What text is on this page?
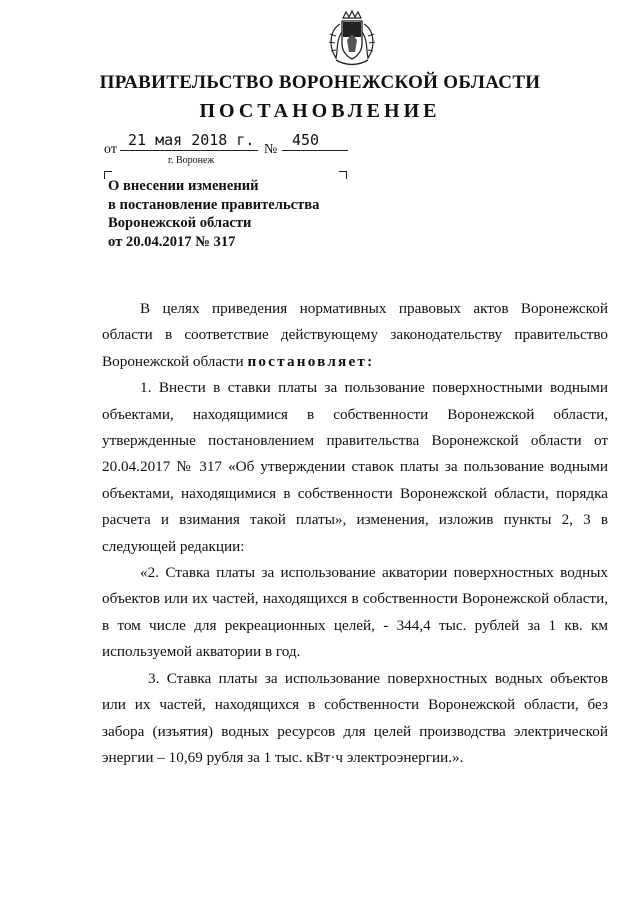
ПРАВИТЕЛЬСТВО ВОРОНЕЖСКОЙ ОБЛАСТИ
ПОСТАНОВЛЕНИЕ
от
21 мая 2018 г.
№
450
г. Воронеж
О внесении изменений
в постановление правительства
Воронежской области
от 20.04.2017 № 317

В целях приведения нормативных правовых актов Воронежской области в соответствие действующему законодательству правительство Воронежской области постановляет:

1. Внести в ставки платы за пользование поверхностными водными объектами, находящимися в собственности Воронежской области, утвержденные постановлением правительства Воронежской области от 20.04.2017 № 317 «Об утверждении ставок платы за пользование водными объектами, находящимися в собственности Воронежской области, порядка расчета и взимания такой платы», изменения, изложив пункты 2, 3 в следующей редакции:

«2. Ставка платы за использование акватории поверхностных водных объектов или их частей, находящихся в собственности Воронежской области, в том числе для рекреационных целей, - 344,4 тыс. рублей за 1 кв. км используемой акватории в год.

3. Ставка платы за использование поверхностных водных объектов или их частей, находящихся в собственности Воронежской области, без забора (изъятия) водных ресурсов для целей производства электрической энергии – 10,69 рубля за 1 тыс. кВт·ч электроэнергии.».
